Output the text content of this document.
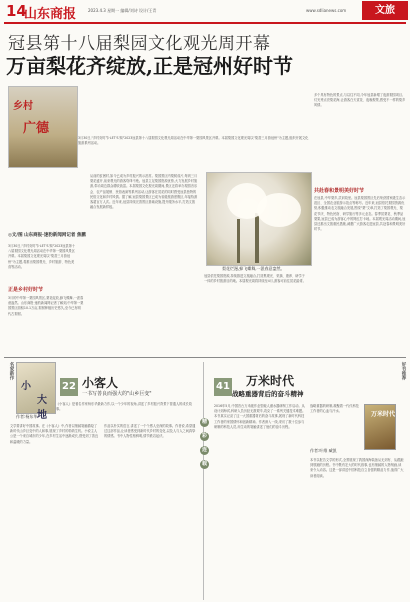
14
山东商报	2023.4.3 星期一 编辑/刘诗 设计/王青	www.sdlianews.com	文旅
冠县第十八届梨园文化观光周开幕
万亩梨花齐绽放,正是冠州好时节
乡村
广德
3月30日,"乡村好时节·LET'S 购"2023冠县第十八届梨园文化观光周活动在中华第一梨园风景区开幕。本届梨园文化观光周以"梨香三月游冠州"为主题,组织开展文化旅游系列活动。
◎文/图 山东商报·速豹新闻网记者 焦鹏
3月30日,"乡村好时节·LET'S 购"2023冠县第十八届梨园文化观光周活动在中华第一梨园风景区开幕。本届梨园文化观光周以"梨香三月游冠州"为主题,将推出梨园观光、乡村旅游、特色美食等活动。
正是乡村好时节
3月的中华第一梨园风景区,梨花绽放,蜂飞蝶舞,一派春意盎然。山东商报·速豹新闻网记者了解到,中华第一梨园景区面积10.1万亩,梨树种植历史悠久,至今已有明代古梨树。
从前的贫困村,如今已成为乡村振兴的示范村。梨园景区内梨树成片,每到三月梨花盛开,前来观光的游客络绎不绝。冠县立足梨园资源优势,大力发展乡村旅游,带动周边群众增收致富。本届梨园文化观光周期间,景区还将举办梨园音乐会、农产品展销、民俗表演等系列活动,让游客在赏花的同时感受冠县独特的民俗文化和乡村风情。据了解,冠县梨园景区已成为省级旅游度假区,年接待游客超百万人次。近年来,冠县持续完善景区基础设施,提升服务水平,打造文旅融合发展新样板。
梨花烂漫,蜂飞蝶舞,一派春意盎然。
冠县依托梨园资源,持续推进文旅融合,打造集观光、采摘、康养、研学于一体的乡村旅游目的地。本届观光周将持续至4月,游客可前往赏花踏青。
多个具有特色的景点,与以往不同,今年冠县新增了夜游梨园项目,灯光秀点亮梨花海,让游客白天赏花、夜晚观景,感受不一样的梨乡风情。
共赴春和景明美好时节
在冠县,中华梨乡,武训故里。冠县梨园景区先后荣获国家级生态示范区、全国农业旅游示范点等称号。近年来,冠县依托梨园资源优势,积极推动农文旅融合发展,围绕"梨"文章,打造了梨园观光、梨花节庆、特色民宿、研学旅行等多元业态。春季赏梨花、秋季品梨果,冠县已成为游客心中的网红打卡地。本届观光周活动期间,冠县还推出文旅惠民措施,诚邀广大游客走进冠县,共赴春和景明美好时节。
名家新作
小
大地
作者:杨东华
22 小客人
一书写善良而强大的"山乡巨变"
《小客人》是著名作家杨东华最新力作,以一个少年的视角,讲述了乡村振兴背景下普通人的成长故事。
文学要讲好中国故事。在《小客人》中,作者以细腻笔触描绘了新时代山乡巨变中的人和事,展现了乡村的勃勃生机。小说主人公是一个来自城市的少年,在乡村生活中逐渐成长,感受到了善良和温暖的力量。
作品以朴实的语言,讲述了一个个感人至深的故事。作者说,希望通过这部作品,让读者感受到新时代乡村的变化,以及人与人之间真挚的情感。书中人物性格鲜明,情节跌宕起伏。
精
彩
连
载
41 万米时代
战略重器背后的奋斗精神
好书推荐
2016年5月,中国首台万米级作业型载人潜水器研制工作启动。从设计到海试,科研人员历经无数艰辛,攻克了一系列关键技术难题。本书真实记录了这一大国重器背后的奋斗故事,展现了新时代科技工作者的家国情怀和创新精神。作者深入一线,采访了数十位参与研制的科技人员,用生动的笔触讲述了他们的奋斗历程。
战略重器的研制,凝聚着一代代科技工作者的心血与汗水。	万米时代
作者:叶维 臧凯
本书以报告文学的形式,全景展现了我国深海装备从无到有、从跟跑到领跑的历程。书中既有宏大的时代叙事,也有细腻的人物刻画,读来令人动容。这是一部讲述中国科技自立自强的精品力作,值得广大读者阅读。
